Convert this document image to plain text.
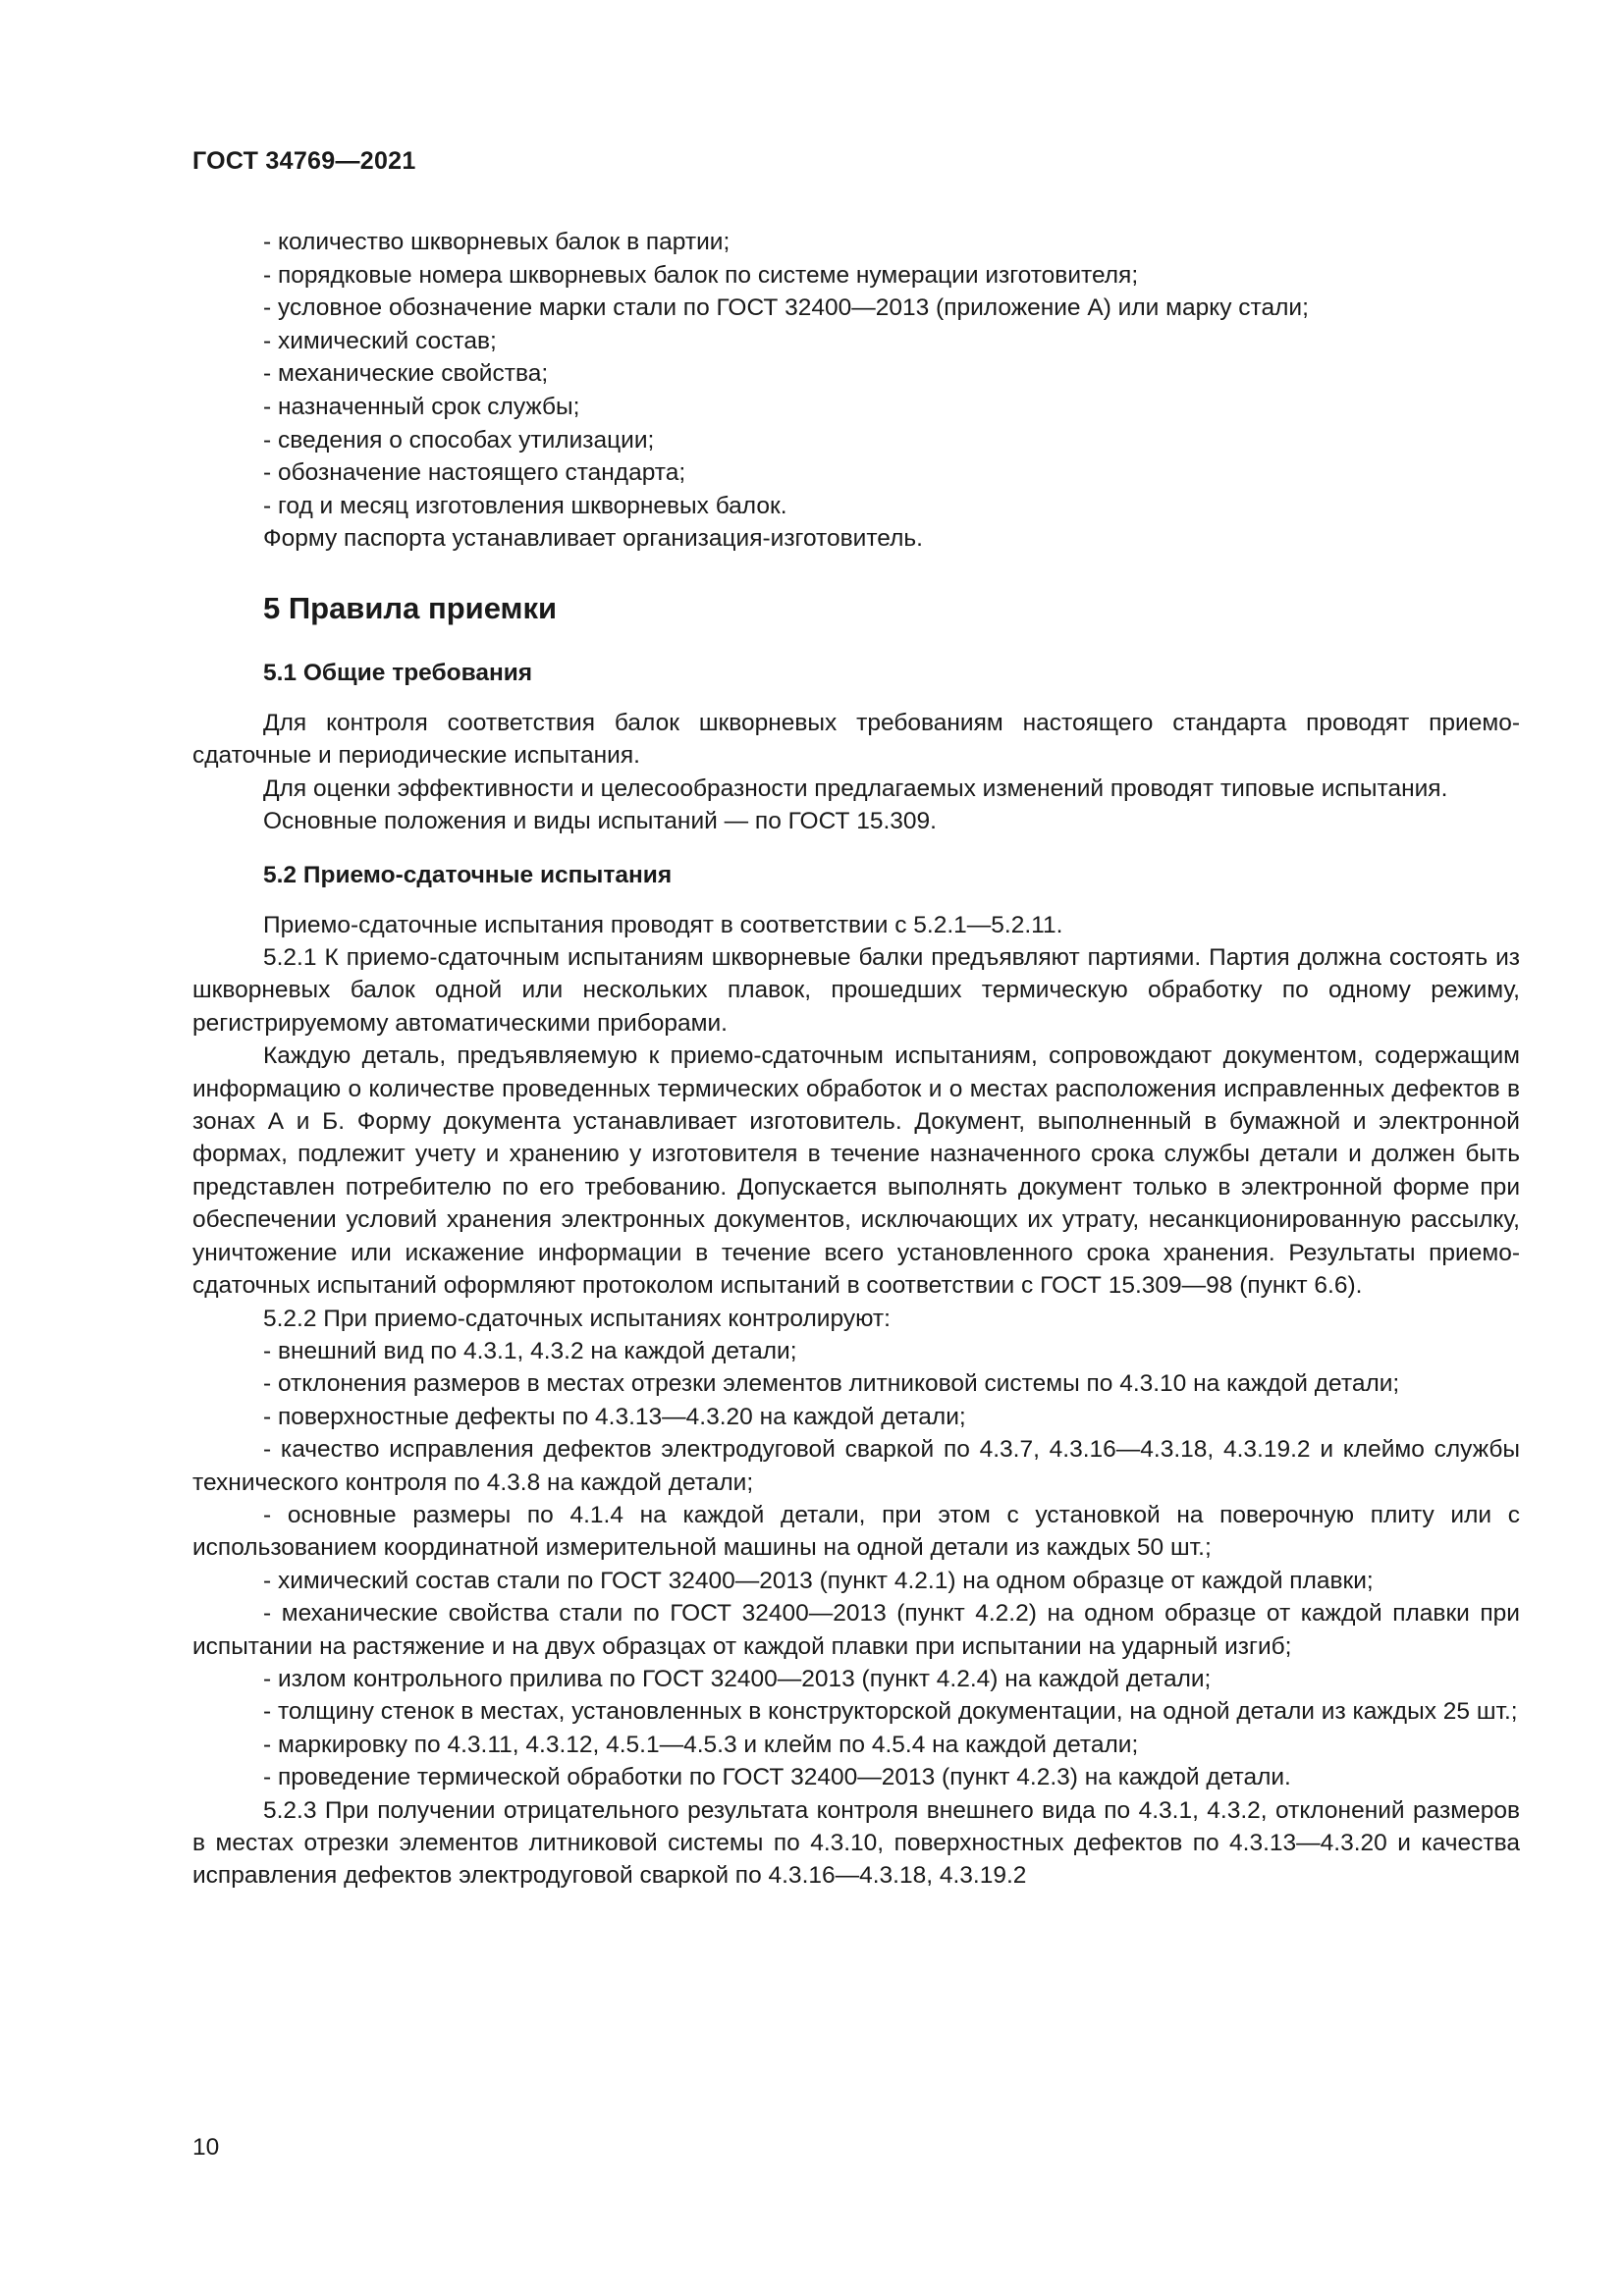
ГОСТ 34769—2021
- количество шкворневых балок в партии;
- порядковые номера шкворневых балок по системе нумерации изготовителя;
- условное обозначение марки стали по ГОСТ 32400—2013 (приложение А) или марку стали;
- химический состав;
- механические свойства;
- назначенный срок службы;
- сведения о способах утилизации;
- обозначение настоящего стандарта;
- год и месяц изготовления шкворневых балок.
Форму паспорта устанавливает организация-изготовитель.
5 Правила приемки
5.1 Общие требования

Для контроля соответствия балок шкворневых требованиям настоящего стандарта проводят приемо-сдаточные и периодические испытания.

Для оценки эффективности и целесообразности предлагаемых изменений проводят типовые испытания.

Основные положения и виды испытаний — по ГОСТ 15.309.

5.2 Приемо-сдаточные испытания

Приемо-сдаточные испытания проводят в соответствии с 5.2.1—5.2.11.

5.2.1 К приемо-сдаточным испытаниям шкворневые балки предъявляют партиями. Партия должна состоять из шкворневых балок одной или нескольких плавок, прошедших термическую обработку по одному режиму, регистрируемому автоматическими приборами.

Каждую деталь, предъявляемую к приемо-сдаточным испытаниям, сопровождают документом, содержащим информацию о количестве проведенных термических обработок и о местах расположения исправленных дефектов в зонах А и Б. Форму документа устанавливает изготовитель. Документ, выполненный в бумажной и электронной формах, подлежит учету и хранению у изготовителя в течение назначенного срока службы детали и должен быть представлен потребителю по его требованию. Допускается выполнять документ только в электронной форме при обеспечении условий хранения электронных документов, исключающих их утрату, несанкционированную рассылку, уничтожение или искажение информации в течение всего установленного срока хранения. Результаты приемо-сдаточных испытаний оформляют протоколом испытаний в соответствии с ГОСТ 15.309—98 (пункт 6.6).

5.2.2 При приемо-сдаточных испытаниях контролируют:

- внешний вид по 4.3.1, 4.3.2 на каждой детали;

- отклонения размеров в местах отрезки элементов литниковой системы по 4.3.10 на каждой детали;

- поверхностные дефекты по 4.3.13—4.3.20 на каждой детали;

- качество исправления дефектов электродуговой сваркой по 4.3.7, 4.3.16—4.3.18, 4.3.19.2 и клеймо службы технического контроля по 4.3.8 на каждой детали;

- основные размеры по 4.1.4 на каждой детали, при этом с установкой на поверочную плиту или с использованием координатной измерительной машины на одной детали из каждых 50 шт.;

- химический состав стали по ГОСТ 32400—2013 (пункт 4.2.1) на одном образце от каждой плавки;

- механические свойства стали по ГОСТ 32400—2013 (пункт 4.2.2) на одном образце от каждой плавки при испытании на растяжение и на двух образцах от каждой плавки при испытании на ударный изгиб;

- излом контрольного прилива по ГОСТ 32400—2013 (пункт 4.2.4) на каждой детали;

- толщину стенок в местах, установленных в конструкторской документации, на одной детали из каждых 25 шт.;

- маркировку по 4.3.11, 4.3.12, 4.5.1—4.5.3 и клейм по 4.5.4 на каждой детали;

- проведение термической обработки по ГОСТ 32400—2013 (пункт 4.2.3) на каждой детали.

5.2.3 При получении отрицательного результата контроля внешнего вида по 4.3.1, 4.3.2, отклонений размеров в местах отрезки элементов литниковой системы по 4.3.10, поверхностных дефектов по 4.3.13—4.3.20 и качества исправления дефектов электродуговой сваркой по 4.3.16—4.3.18, 4.3.19.2

10
